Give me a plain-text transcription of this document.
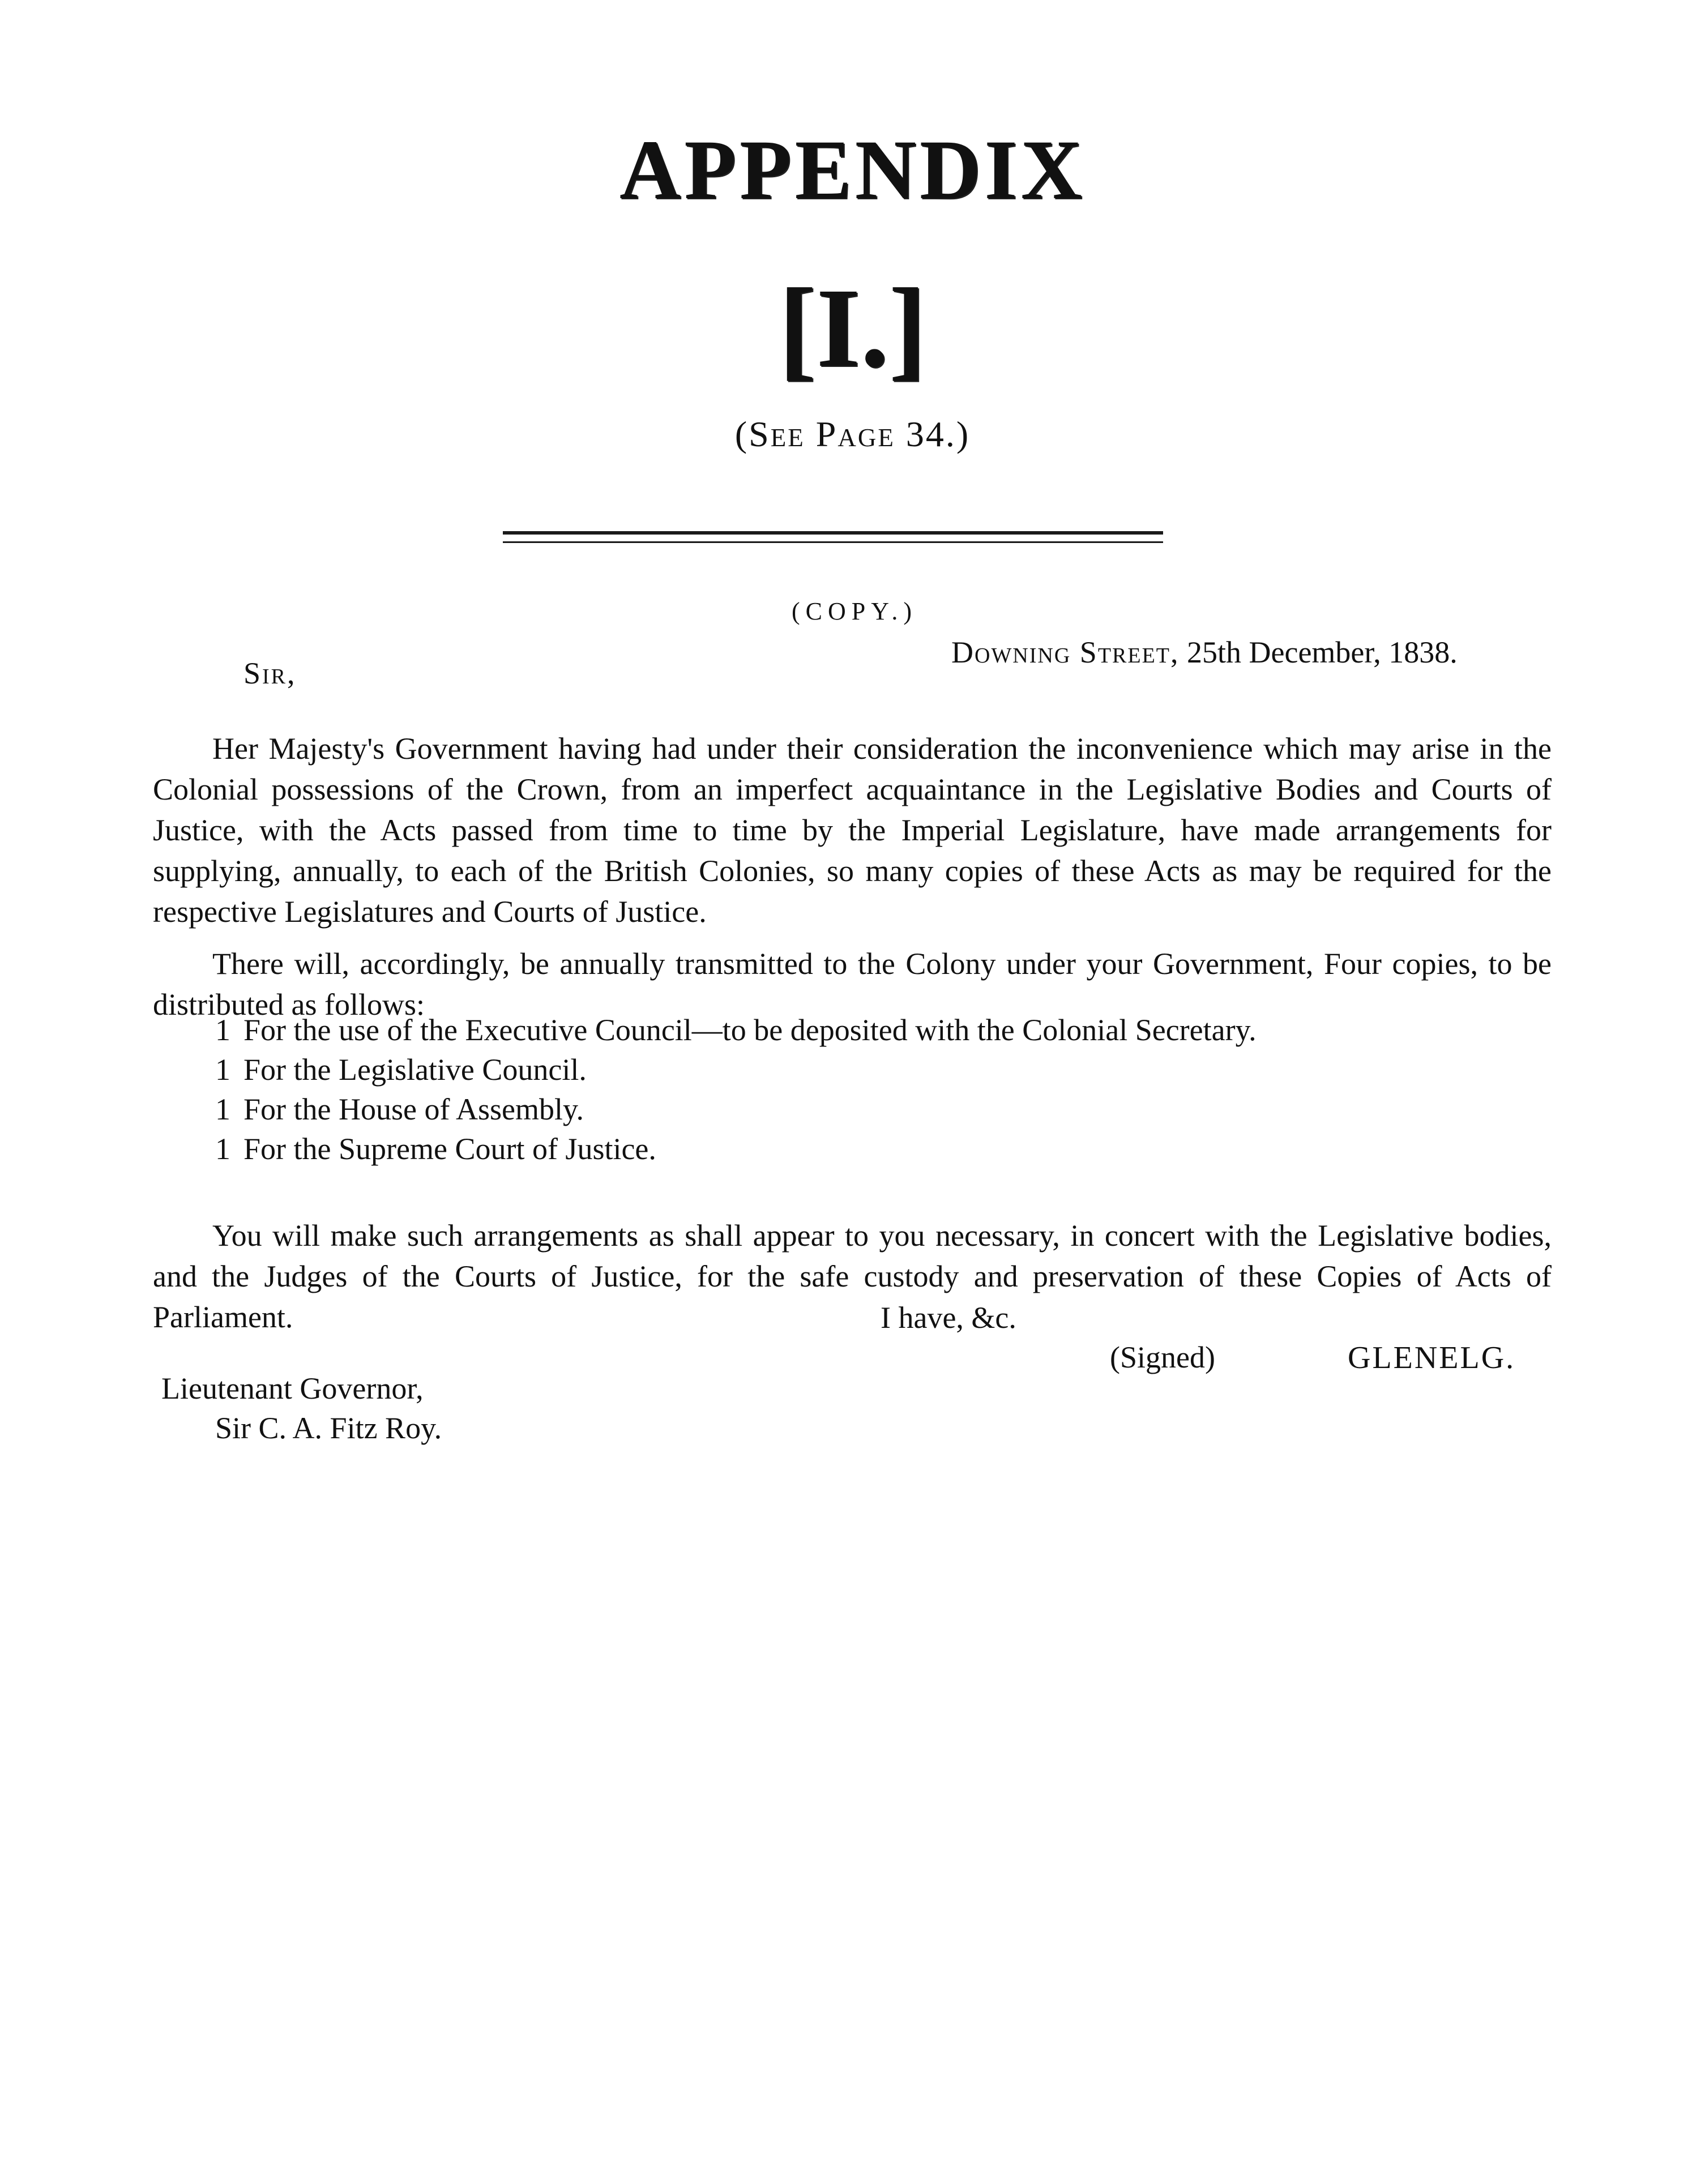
APPENDIX
[I.]
(See Page 34.)
(COPY.)
Downing Street, 25th December, 1838.
Sir,

Her Majesty's Government having had under their consideration the inconvenience which may arise in the Colonial possessions of the Crown, from an imperfect acquaintance in the Legislative Bodies and Courts of Justice, with the Acts passed from time to time by the Imperial Legislature, have made arrangements for supplying, annually, to each of the British Colonies, so many copies of these Acts as may be required for the respective Legislatures and Courts of Justice.

There will, accordingly, be annually transmitted to the Colony under your Government, Four copies, to be distributed as follows:

1 For the use of the Executive Council—to be deposited with the Colonial Secretary.
1 For the Legislative Council.
1 For the House of Assembly.
1 For the Supreme Court of Justice.

You will make such arrangements as shall appear to you necessary, in concert with the Legislative bodies, and the Judges of the Courts of Justice, for the safe custody and preservation of these Copies of Acts of Parliament.	I have, &c.
(Signed)	GLENELG.
Lieutenant Governor,
Sir C. A. Fitz Roy.
